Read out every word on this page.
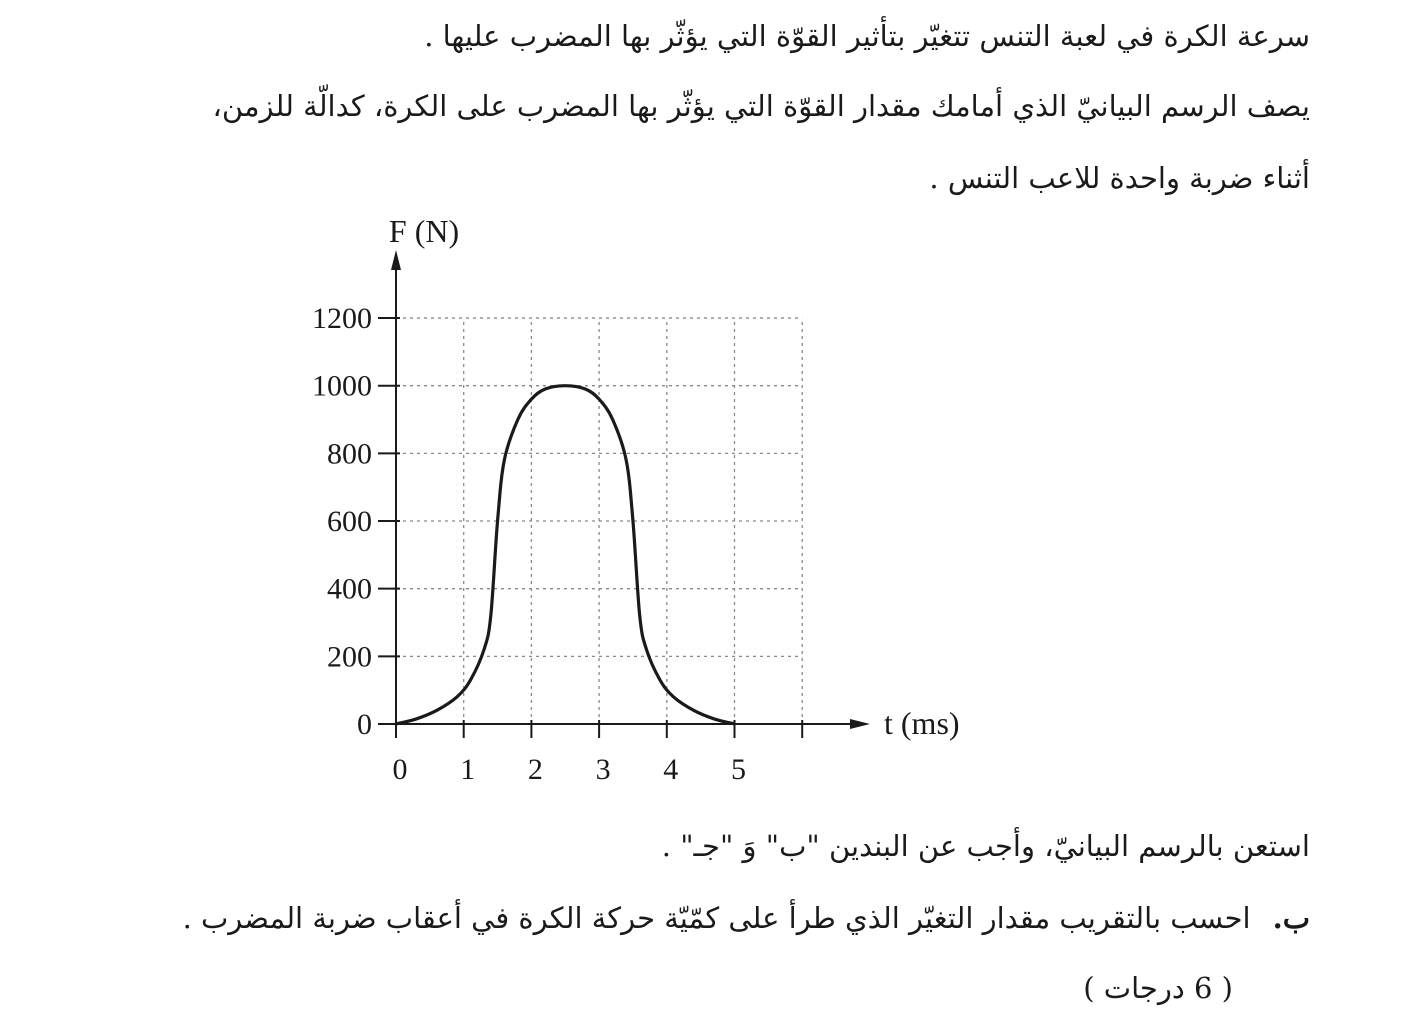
سرعة الكرة في لعبة التنس تتغيّر بتأثير القوّة التي يؤثّر بها المضرب عليها .
يصف الرسم البيانيّ الذي أمامك مقدار القوّة التي يؤثّر بها المضرب على الكرة، كدالّة للزمن،
أثناء ضربة واحدة للاعب التنس .
0 1 2 3 4 5
0
200
400
600
800
1000
1200
F (N)
t (ms)
استعن بالرسم البيانيّ، وأجب عن البندين "ب" وَ "جـ" .
ب.احسب بالتقريب مقدار التغيّر الذي طرأ على كمّيّة حركة الكرة في أعقاب ضربة المضرب .
( 6 درجات )
